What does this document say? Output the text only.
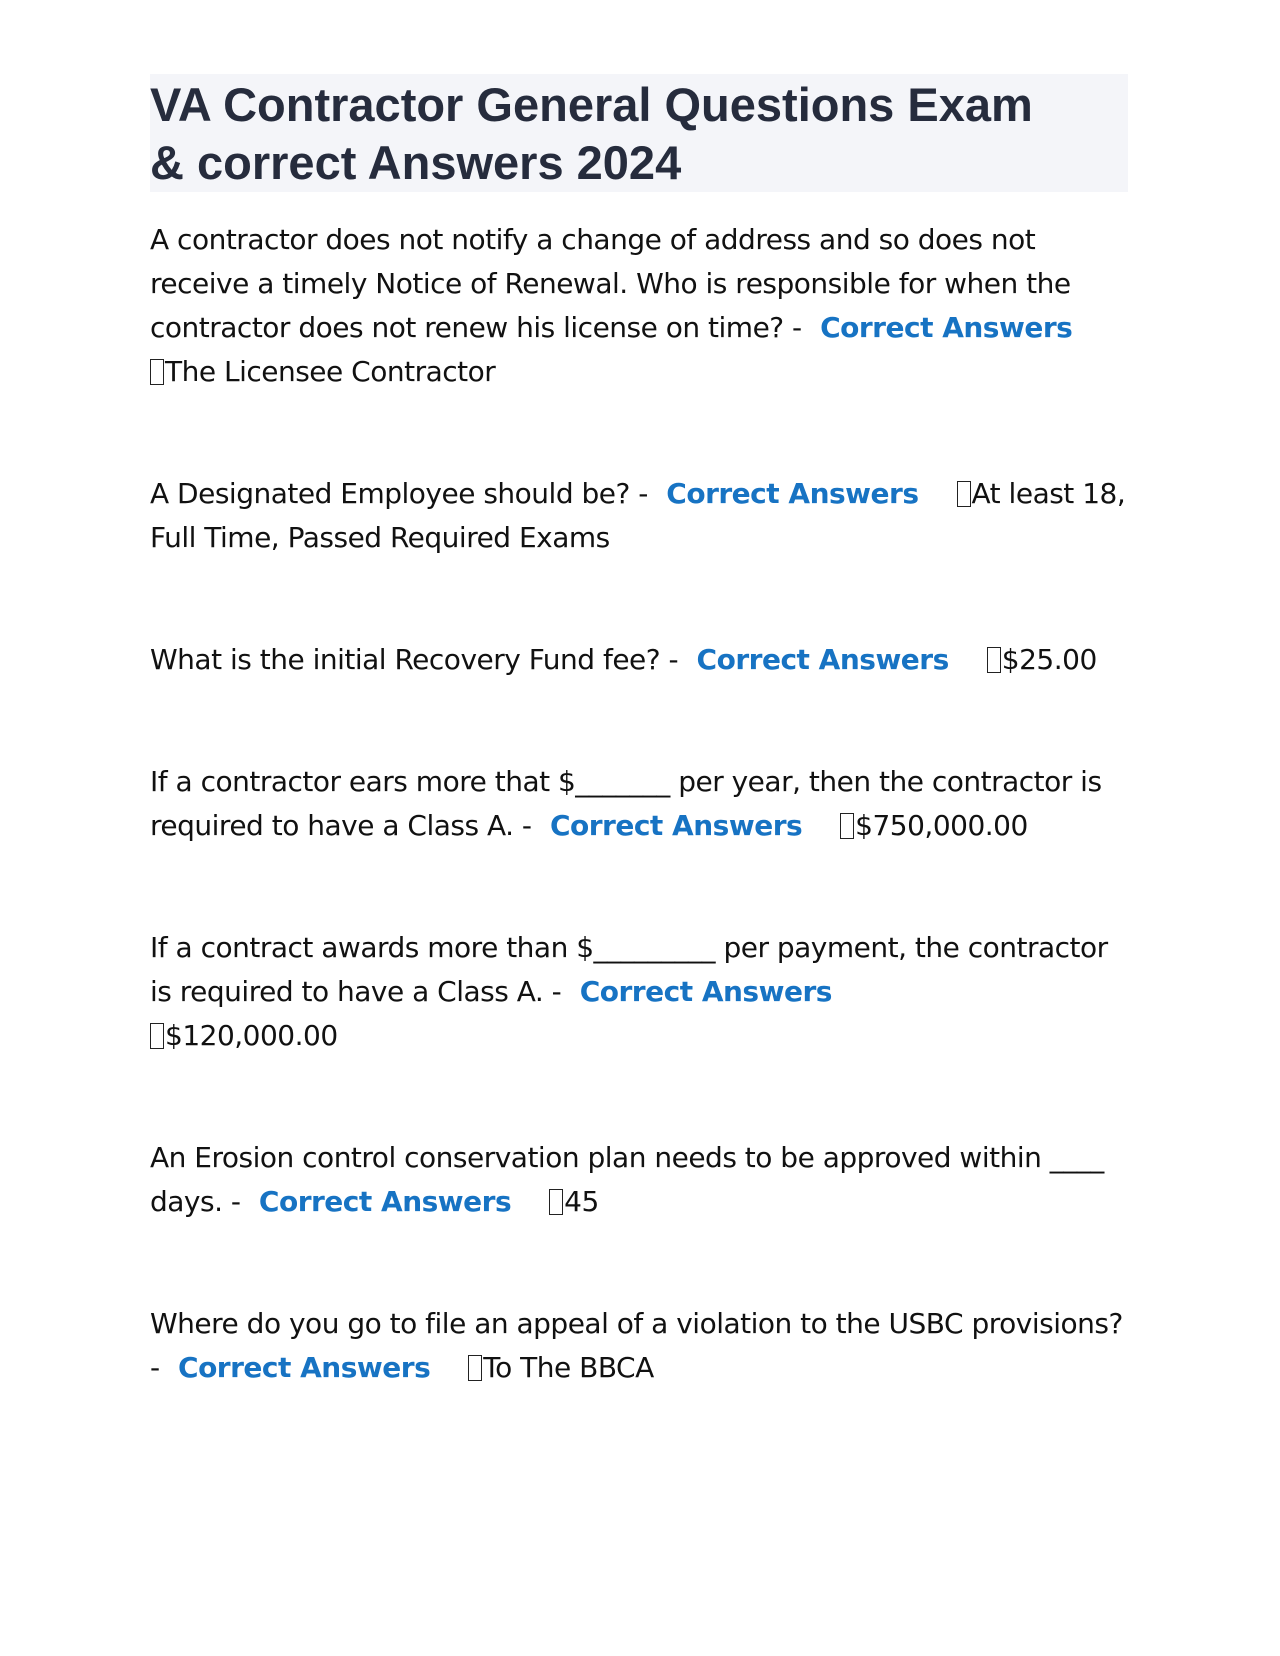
VA Contractor General Questions Exam
& correct Answers 2024

A contractor does not notify a change of address and so does not receive a timely Notice of Renewal. Who is responsible for when the contractor does not renew his license on time? - Correct Answers
The Licensee Contractor

A Designated Employee should be? - Correct Answers At least 18, Full Time, Passed Required Exams

What is the initial Recovery Fund fee? - Correct Answers $25.00

If a contractor ears more that $_______ per year, then the contractor is required to have a Class A. - Correct Answers $750,000.00

If a contract awards more than $_________ per payment, the contractor is required to have a Class A. - Correct Answers
$120,000.00

An Erosion control conservation plan needs to be approved within ____ days. - Correct Answers 45

Where do you go to file an appeal of a violation to the USBC provisions? - Correct Answers To The BBCA
